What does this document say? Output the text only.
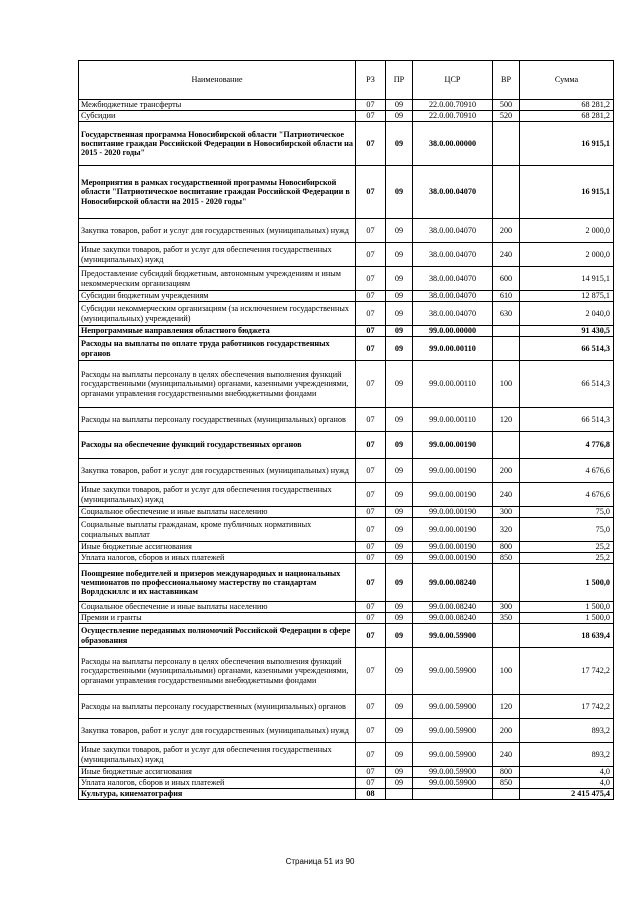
Наименование	РЗ	ПР	ЦСР	ВР	Сумма
Межбюджетные трансферты	07	09	22.0.00.70910	500	68 281,2
Субсидии	07	09	22.0.00.70910	520	68 281,2
Государственная программа Новосибирской области "Патриотическое воспитание граждан Российской Федерации в Новосибирской области на 2015 - 2020 годы"	07	09	38.0.00.00000		16 915,1
Мероприятия в рамках государственной программы Новосибирской области "Патриотическое воспитание граждан Российской Федерации в Новосибирской области на 2015 - 2020 годы"	07	09	38.0.00.04070		16 915,1
Закупка товаров, работ и услуг для государственных (муниципальных) нужд	07	09	38.0.00.04070	200	2 000,0
Иные закупки товаров, работ и услуг для обеспечения государственных (муниципальных) нужд	07	09	38.0.00.04070	240	2 000,0
Предоставление субсидий бюджетным, автономным учреждениям и иным некоммерческим организациям	07	09	38.0.00.04070	600	14 915,1
Субсидии бюджетным учреждениям	07	09	38.0.00.04070	610	12 875,1
Субсидии некоммерческим организациям (за исключением государственных (муниципальных) учреждений)	07	09	38.0.00.04070	630	2 040,0
Непрограммные направления областного бюджета	07	09	99.0.00.00000		91 430,5
Расходы на выплаты по оплате труда работников государственных органов	07	09	99.0.00.00110		66 514,3
Расходы на выплаты персоналу в целях обеспечения выполнения функций государственными (муниципальными) органами, казенными учреждениями, органами управления государственными внебюджетными фондами	07	09	99.0.00.00110	100	66 514,3
Расходы на выплаты персоналу государственных (муниципальных) органов	07	09	99.0.00.00110	120	66 514,3
Расходы на обеспечение функций государственных органов	07	09	99.0.00.00190		4 776,8
Закупка товаров, работ и услуг для государственных (муниципальных) нужд	07	09	99.0.00.00190	200	4 676,6
Иные закупки товаров, работ и услуг для обеспечения государственных (муниципальных) нужд	07	09	99.0.00.00190	240	4 676,6
Социальное обеспечение и иные выплаты населению	07	09	99.0.00.00190	300	75,0
Социальные выплаты гражданам, кроме публичных нормативных социальных выплат	07	09	99.0.00.00190	320	75,0
Иные бюджетные ассигнования	07	09	99.0.00.00190	800	25,2
Уплата налогов, сборов и иных платежей	07	09	99.0.00.00190	850	25,2
Поощрение победителей и призеров международных и национальных чемпионатов по профессиональному мастерству по стандартам Ворлдскиллс и их наставникам	07	09	99.0.00.08240		1 500,0
Социальное обеспечение и иные выплаты населению	07	09	99.0.00.08240	300	1 500,0
Премии и гранты	07	09	99.0.00.08240	350	1 500,0
Осуществление переданных полномочий Российской Федерации в сфере образования	07	09	99.0.00.59900		18 639,4
Расходы на выплаты персоналу в целях обеспечения выполнения функций государственными (муниципальными) органами, казенными учреждениями, органами управления государственными внебюджетными фондами	07	09	99.0.00.59900	100	17 742,2
Расходы на выплаты персоналу государственных (муниципальных) органов	07	09	99.0.00.59900	120	17 742,2
Закупка товаров, работ и услуг для государственных (муниципальных) нужд	07	09	99.0.00.59900	200	893,2
Иные закупки товаров, работ и услуг для обеспечения государственных (муниципальных) нужд	07	09	99.0.00.59900	240	893,2
Иные бюджетные ассигнования	07	09	99.0.00.59900	800	4,0
Уплата налогов, сборов и иных платежей	07	09	99.0.00.59900	850	4,0
Культура, кинематография	08				2 415 475,4
Страница 51 из 90
